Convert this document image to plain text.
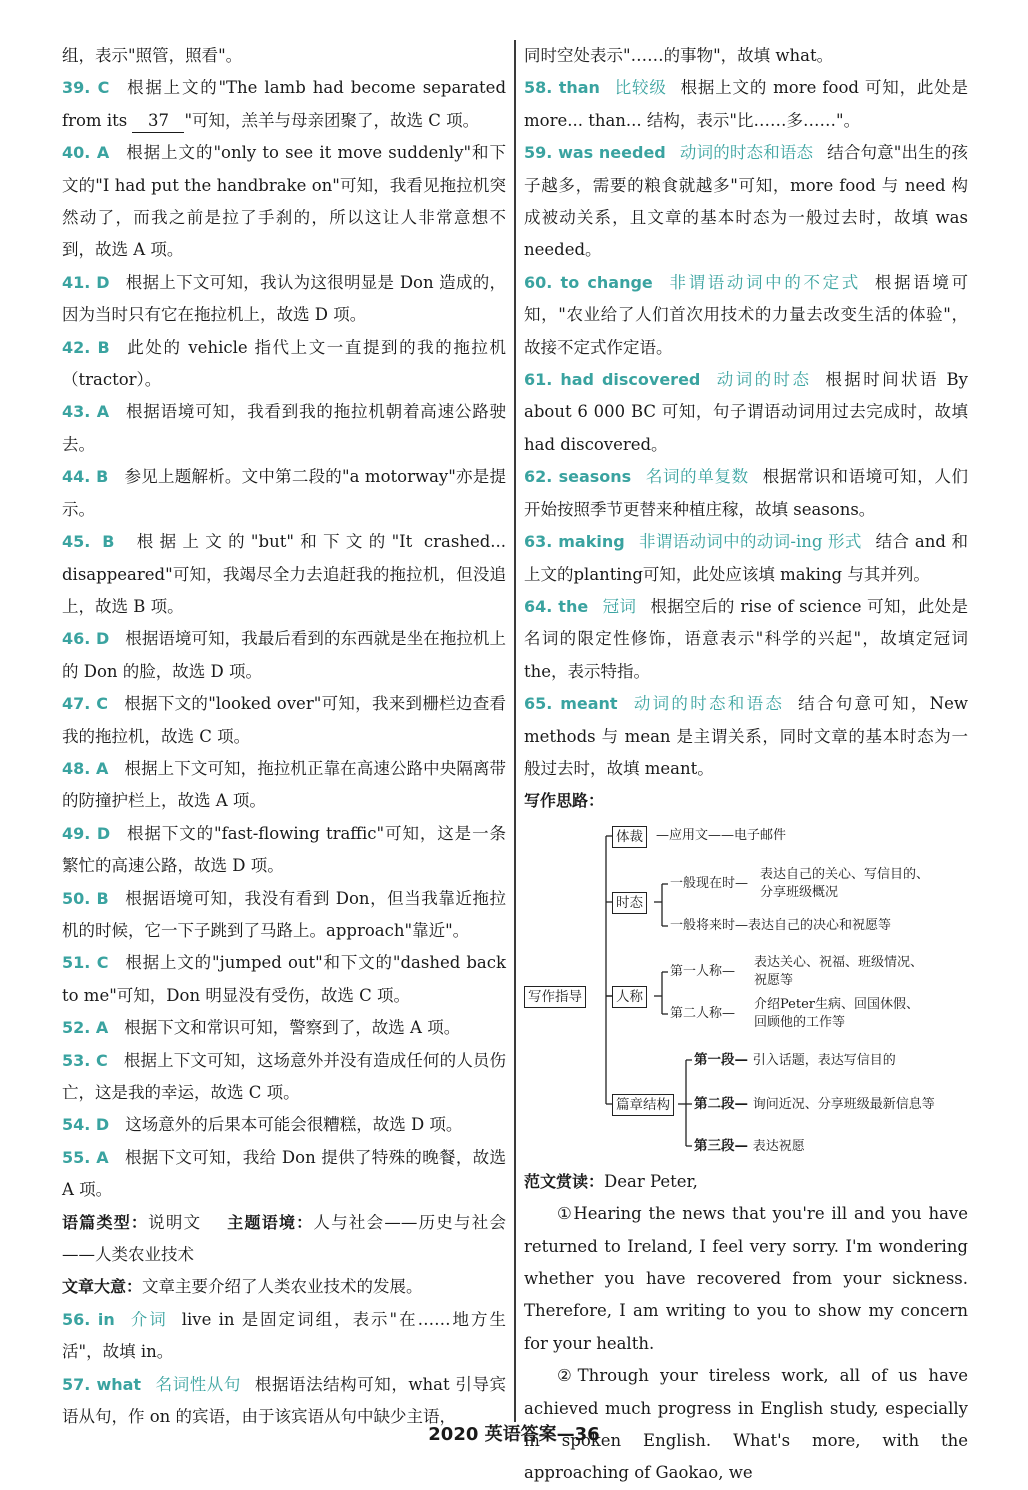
组，表示"照管，照看"。

39. C 根据上文的"The lamb had become separated from its 37 "可知，羔羊与母亲团聚了，故选 C 项。

40. A 根据上文的"only to see it move suddenly"和下文的"I had put the handbrake on"可知，我看见拖拉机突然动了，而我之前是拉了手刹的，所以这让人非常意想不到，故选 A 项。

41. D 根据上下文可知，我认为这很明显是 Don 造成的，因为当时只有它在拖拉机上，故选 D 项。

42. B 此处的 vehicle 指代上文一直提到的我的拖拉机（tractor）。

43. A 根据语境可知，我看到我的拖拉机朝着高速公路驶去。

44. B 参见上题解析。文中第二段的"a motorway"亦是提示。

45. B 根据上文的"but"和下文的"It crashed... disappeared"可知，我竭尽全力去追赶我的拖拉机，但没追上，故选 B 项。

46. D 根据语境可知，我最后看到的东西就是坐在拖拉机上的 Don 的脸，故选 D 项。

47. C 根据下文的"looked over"可知，我来到栅栏边查看我的拖拉机，故选 C 项。

48. A 根据上下文可知，拖拉机正靠在高速公路中央隔离带的防撞护栏上，故选 A 项。

49. D 根据下文的"fast-flowing traffic"可知，这是一条繁忙的高速公路，故选 D 项。

50. B 根据语境可知，我没有看到 Don，但当我靠近拖拉机的时候，它一下子跳到了马路上。approach"靠近"。

51. C 根据上文的"jumped out"和下文的"dashed back to me"可知，Don 明显没有受伤，故选 C 项。

52. A 根据下文和常识可知，警察到了，故选 A 项。

53. C 根据上下文可知，这场意外并没有造成任何的人员伤亡，这是我的幸运，故选 C 项。

54. D 这场意外的后果本可能会很糟糕，故选 D 项。

55. A 根据下文可知，我给 Don 提供了特殊的晚餐，故选 A 项。

语篇类型：说明文 主题语境：人与社会——历史与社会——人类农业技术

文章大意：文章主要介绍了人类农业技术的发展。

56. in 介词 live in 是固定词组，表示"在……地方生活"，故填 in。

57. what 名词性从句 根据语法结构可知，what 引导宾语从句，作 on 的宾语，由于该宾语从句中缺少主语，

同时空处表示"……的事物"，故填 what。

58. than 比较级 根据上文的 more food 可知，此处是 more... than... 结构，表示"比……多……"。

59. was needed 动词的时态和语态 结合句意"出生的孩子越多，需要的粮食就越多"可知，more food 与 need 构成被动关系，且文章的基本时态为一般过去时，故填 was needed。

60. to change 非谓语动词中的不定式 根据语境可知，"农业给了人们首次用技术的力量去改变生活的体验"，故接不定式作定语。

61. had discovered 动词的时态 根据时间状语 By about 6 000 BC 可知，句子谓语动词用过去完成时，故填 had discovered。

62. seasons 名词的单复数 根据常识和语境可知，人们开始按照季节更替来种植庄稼，故填 seasons。

63. making 非谓语动词中的动词-ing 形式 结合 and 和上文的planting可知，此处应该填 making 与其并列。

64. the 冠词 根据空后的 rise of science 可知，此处是名词的限定性修饰，语意表示"科学的兴起"，故填定冠词 the，表示特指。

65. meant 动词的时态和语态 结合句意可知，New methods 与 mean 是主谓关系，同时文章的基本时态为一般过去时，故填 meant。

写作思路：

写作指导
体裁	—应用文——电子邮件
时态
一般现在时—
表达自己的关心、写信目的、
分享班级概况
一般将来时—表达自己的决心和祝愿等
人称
第一人称—
表达关心、祝福、班级情况、
祝愿等
第二人称—
介绍Peter生病、回国休假、
回顾他的工作等
篇章结构
第一段— 引入话题，表达写信目的
第二段— 询问近况、分享班级最新信息等
第三段— 表达祝愿

范文赏读：Dear Peter,

①Hearing the news that you're ill and you have returned to Ireland, I feel very sorry. I'm wondering whether you have recovered from your sickness. Therefore, I am writing to you to show my concern for your health.

②Through your tireless work, all of us have achieved much progress in English study, especially in spoken English. What's more, with the approaching of Gaokao, we

2020 英语答案—36
